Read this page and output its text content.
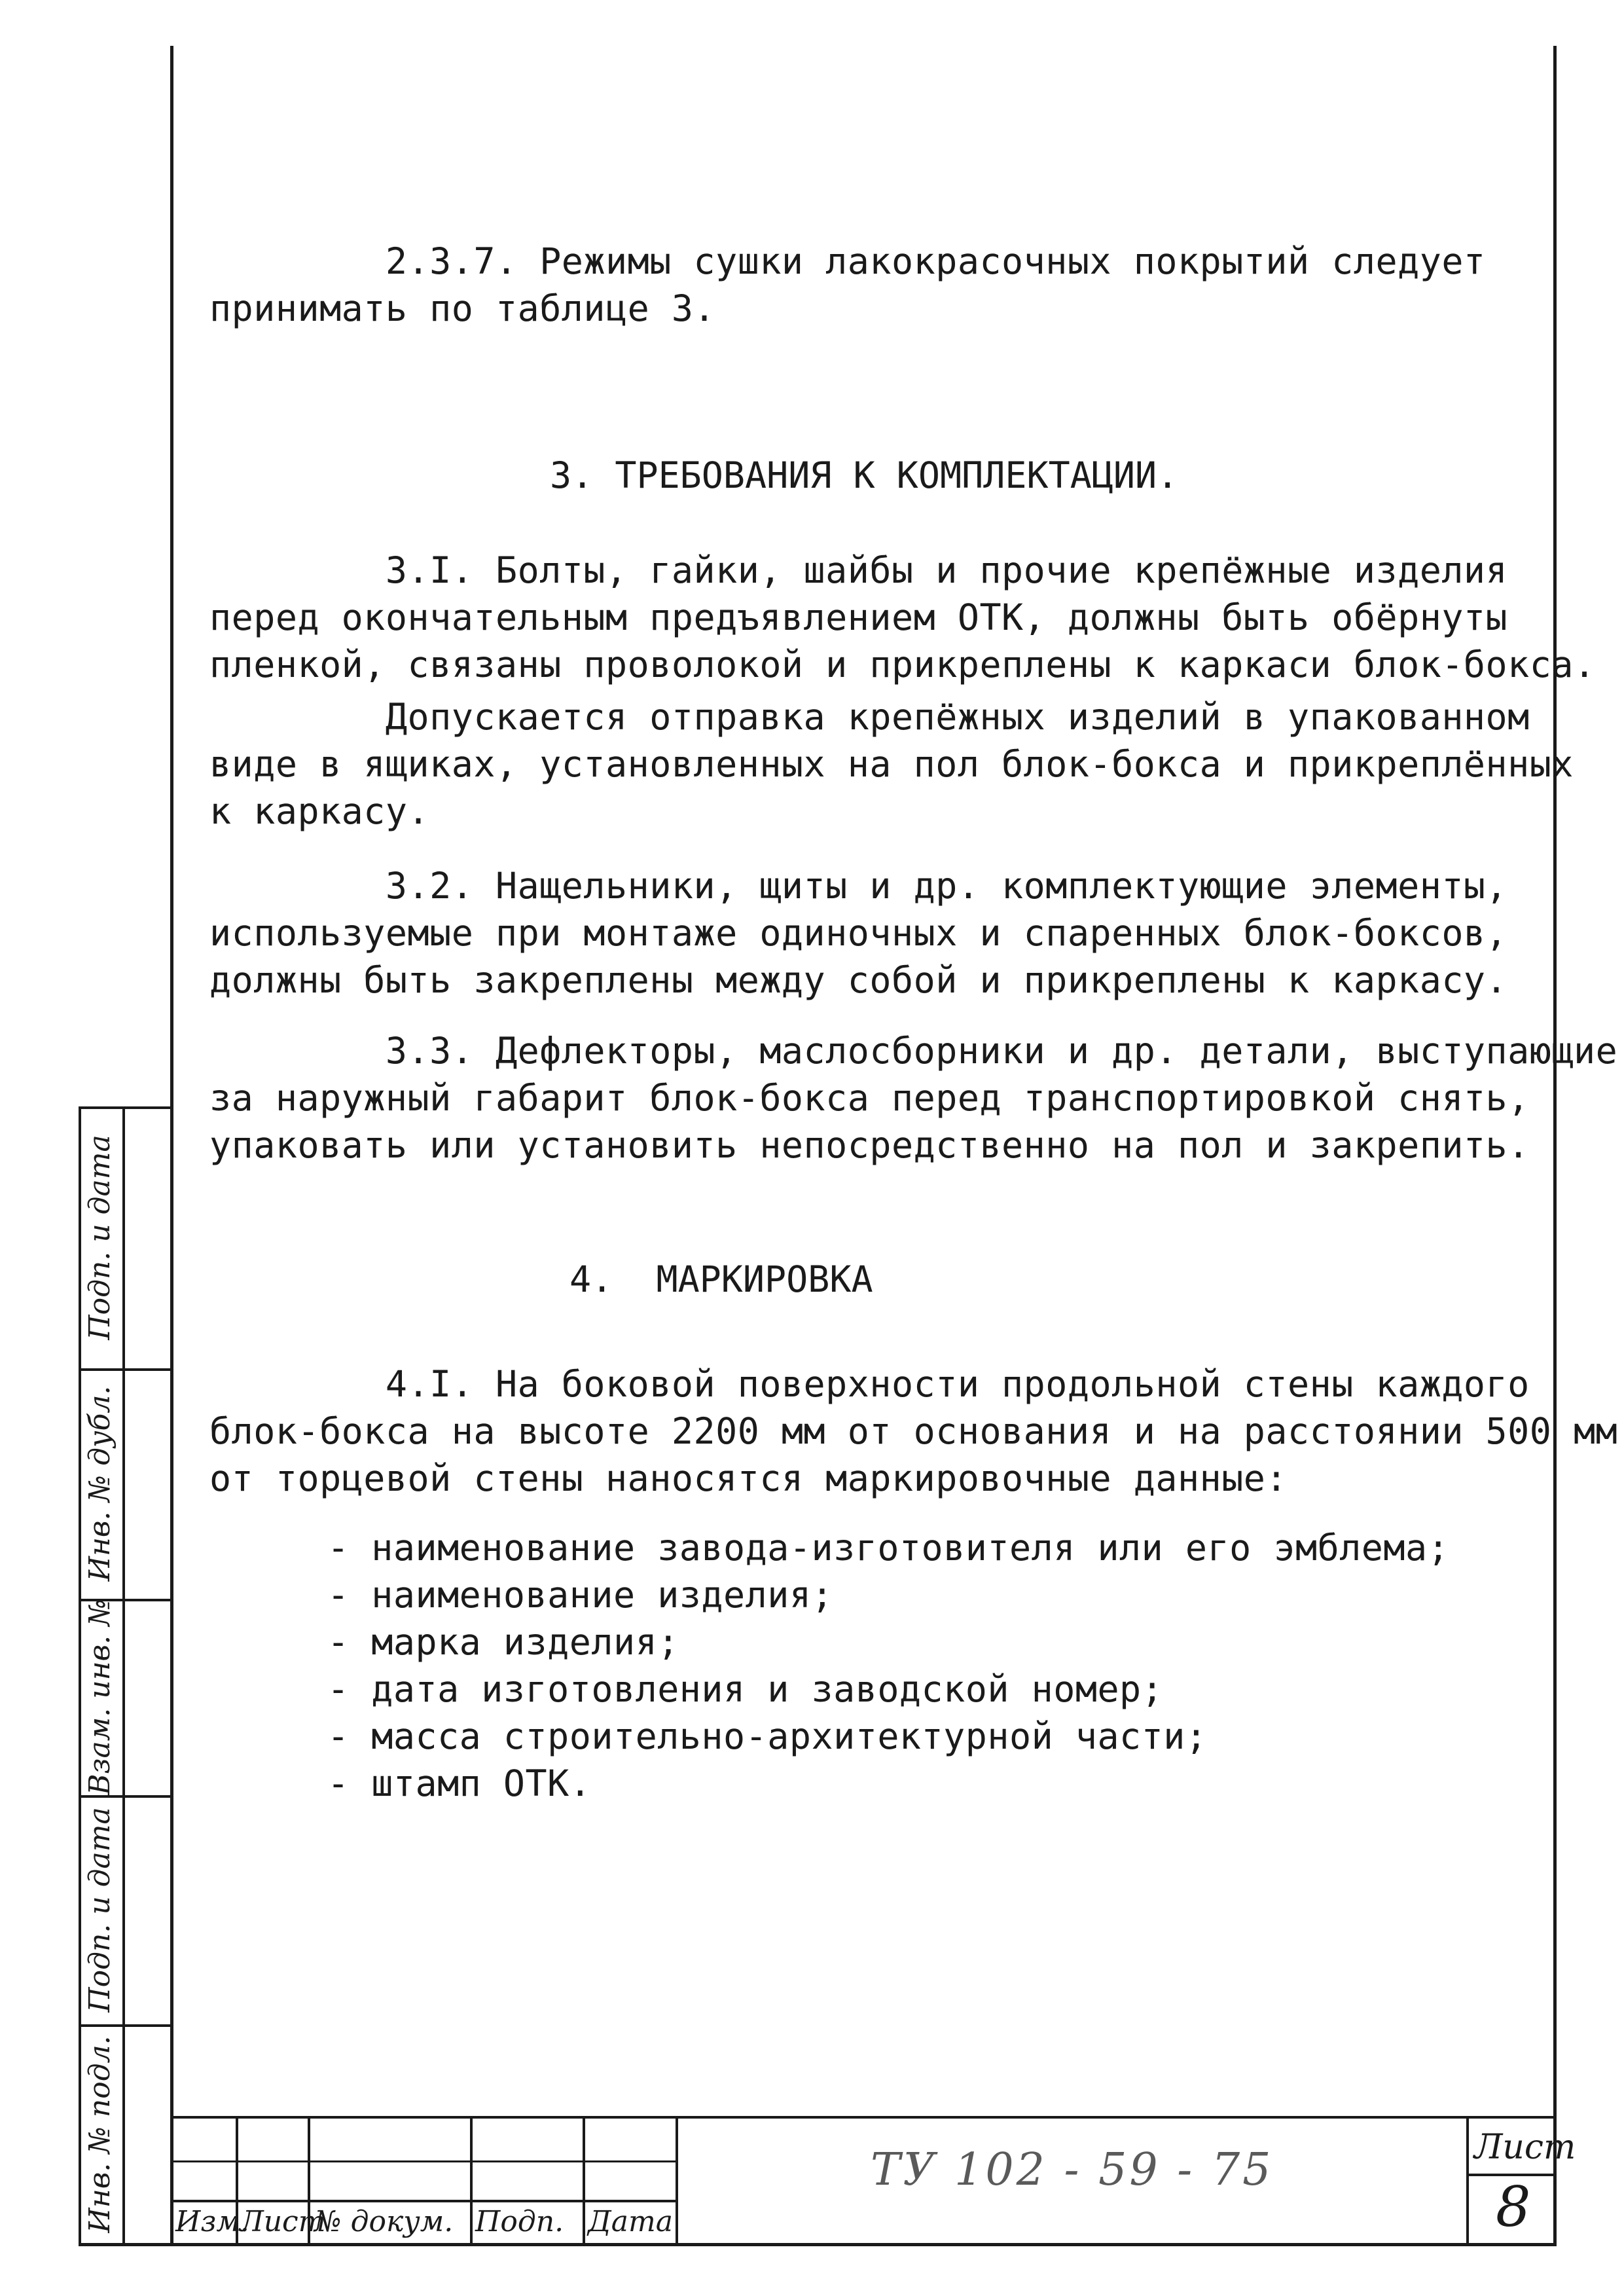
2.3.7. Режимы сушки лакокрасочных покрытий следует
принимать по таблице 3.
3. ТРЕБОВАНИЯ К КОМПЛЕКТАЦИИ.
3.I. Болты, гайки, шайбы и прочие крепёжные изделия
перед окончательным предъявлением ОТК, должны быть обёрнуты
пленкой, связаны проволокой и прикреплены к каркаси блок-бокса.
Допускается отправка крепёжных изделий в упакованном
виде в ящиках, установленных на пол блок-бокса и прикреплённых
к каркасу.
3.2. Нащельники, щиты и др. комплектующие элементы,
используемые при монтаже одиночных и спаренных блок-боксов,
должны быть закреплены между собой и прикреплены к каркасу.
3.3. Дефлекторы, маслосборники и др. детали, выступающие
за наружный габарит блок-бокса перед транспортировкой снять,
упаковать или установить непосредственно на пол и закрепить.
4.  МАРКИРОВКА
4.I. На боковой поверхности продольной стены каждого
блок-бокса на высоте 2200 мм от основания и на расстоянии 500 мм
от торцевой стены наносятся маркировочные данные:
- наименование завода-изготовителя или его эмблема;
- наименование изделия;
- марка изделия;
- дата изготовления и заводской номер;
- масса строительно-архитектурной части;
- штамп ОТК.
Инв. № подл.
Подп. и дата
Взам. инв. №
Инв. № дубл.
Подп. и дата
Изм.
Лист
№ докум. Подп. Дата
ТУ 102 - 59 - 75	Лист
8
